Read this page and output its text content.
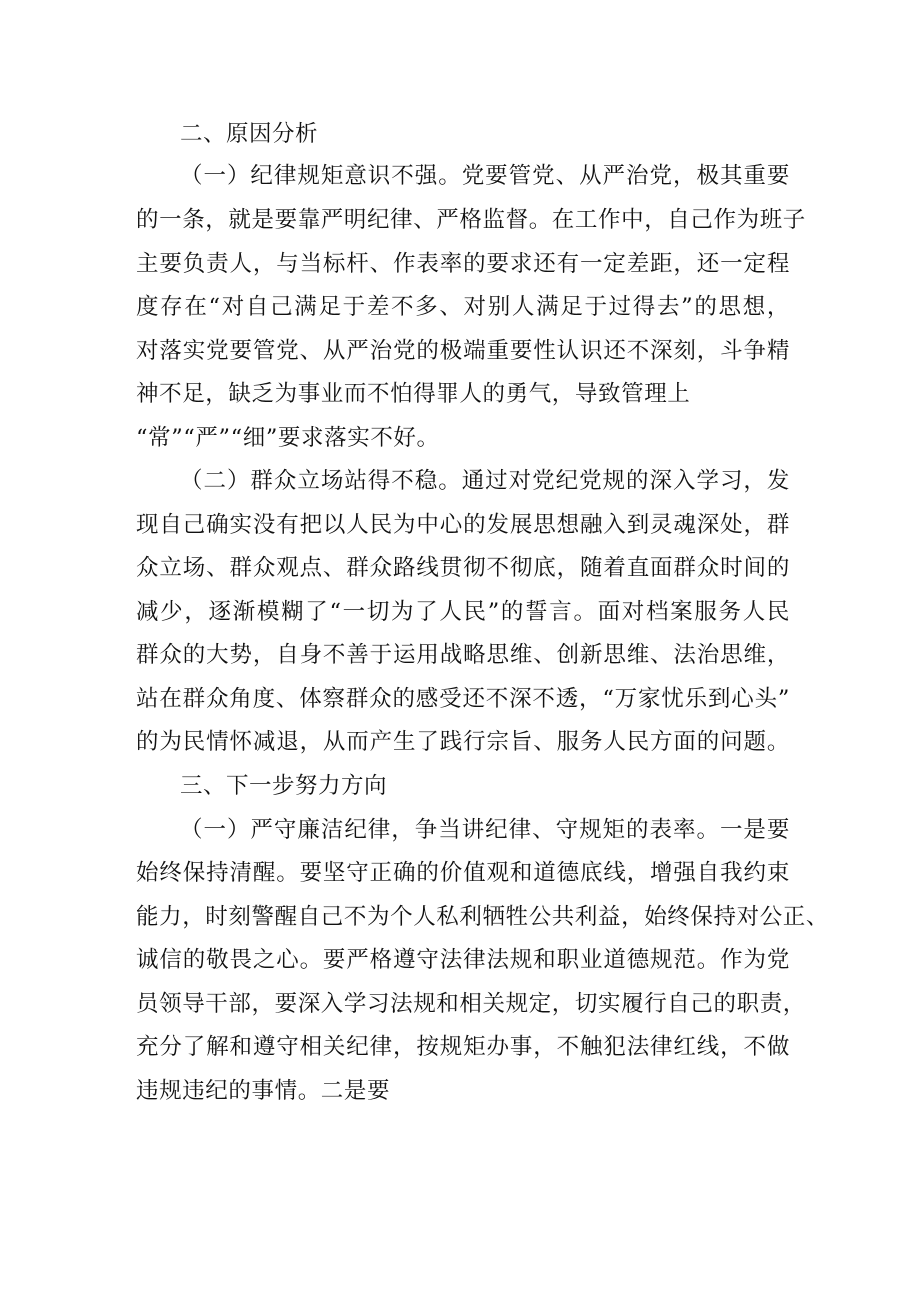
二、原因分析
（一）纪律规矩意识不强。党要管党、从严治党，极其重要
的一条，就是要靠严明纪律、严格监督。在工作中，自己作为班子
主要负责人，与当标杆、作表率的要求还有一定差距，还一定程
度存在“对自己满足于差不多、对别人满足于过得去”的思想，
对落实党要管党、从严治党的极端重要性认识还不深刻，斗争精
神不足，缺乏为事业而不怕得罪人的勇气，导致管理上
“常”“严”“细”要求落实不好。
（二）群众立场站得不稳。通过对党纪党规的深入学习，发
现自己确实没有把以人民为中心的发展思想融入到灵魂深处，群
众立场、群众观点、群众路线贯彻不彻底，随着直面群众时间的
减少，逐渐模糊了“一切为了人民”的誓言。面对档案服务人民
群众的大势，自身不善于运用战略思维、创新思维、法治思维，
站在群众角度、体察群众的感受还不深不透，“万家忧乐到心头”
的为民情怀减退，从而产生了践行宗旨、服务人民方面的问题。
三、下一步努力方向
（一）严守廉洁纪律，争当讲纪律、守规矩的表率。一是要
始终保持清醒。要坚守正确的价值观和道德底线，增强自我约束
能力，时刻警醒自己不为个人私利牺牲公共利益，始终保持对公正、
诚信的敬畏之心。要严格遵守法律法规和职业道德规范。作为党
员领导干部，要深入学习法规和相关规定，切实履行自己的职责，
充分了解和遵守相关纪律，按规矩办事，不触犯法律红线，不做
违规违纪的事情。二是要
